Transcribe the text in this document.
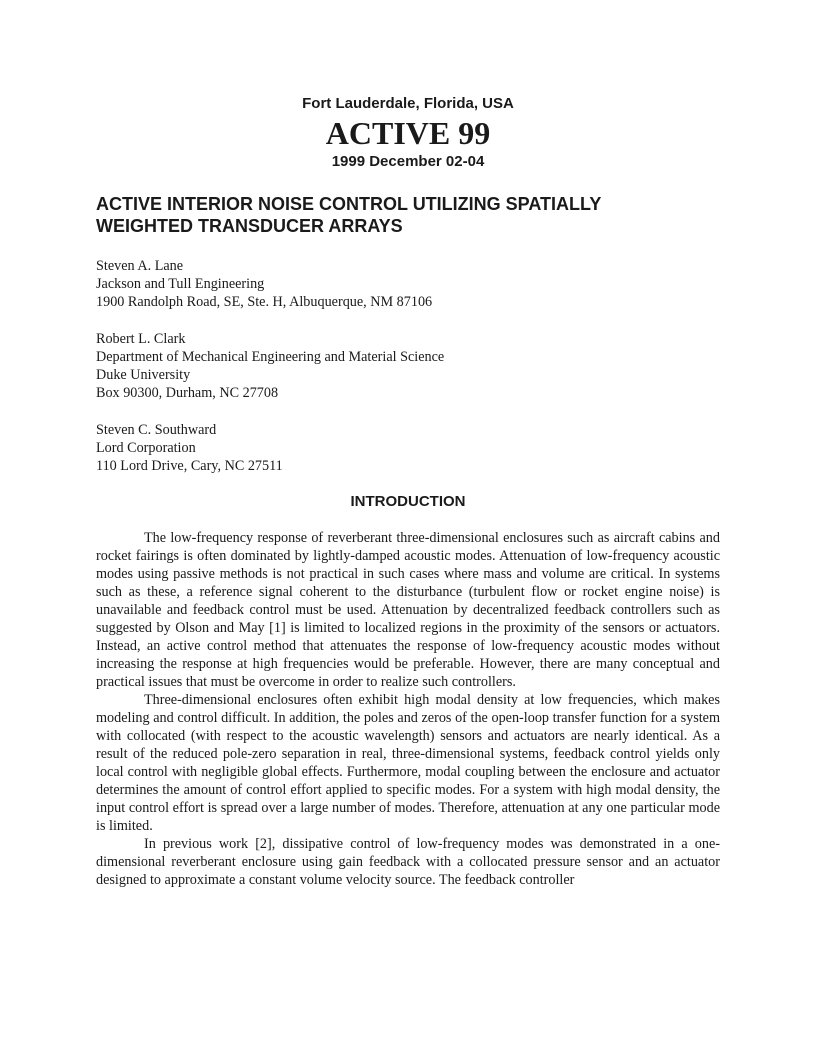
Fort Lauderdale, Florida, USA
ACTIVE 99
1999 December 02-04
ACTIVE INTERIOR NOISE CONTROL UTILIZING SPATIALLY
WEIGHTED TRANSDUCER ARRAYS
Steven A. Lane
Jackson and Tull Engineering
1900 Randolph Road, SE, Ste. H, Albuquerque, NM 87106
Robert L. Clark
Department of Mechanical Engineering and Material Science
Duke University
Box 90300, Durham, NC 27708
Steven C. Southward
Lord Corporation
110 Lord Drive, Cary, NC 27511
INTRODUCTION

The low-frequency response of reverberant three-dimensional enclosures such as aircraft cabins and rocket fairings is often dominated by lightly-damped acoustic modes. Attenuation of low-frequency acoustic modes using passive methods is not practical in such cases where mass and volume are critical. In systems such as these, a reference signal coherent to the disturbance (turbulent flow or rocket engine noise) is unavailable and feedback control must be used. Attenuation by decentralized feedback controllers such as suggested by Olson and May [1] is limited to localized regions in the proximity of the sensors or actuators. Instead, an active control method that attenuates the response of low-frequency acoustic modes without increasing the response at high frequencies would be preferable. However, there are many conceptual and practical issues that must be overcome in order to realize such controllers.

Three-dimensional enclosures often exhibit high modal density at low frequencies, which makes modeling and control difficult. In addition, the poles and zeros of the open-loop transfer function for a system with collocated (with respect to the acoustic wavelength) sensors and actuators are nearly identical. As a result of the reduced pole-zero separation in real, three-dimensional systems, feedback control yields only local control with negligible global effects. Furthermore, modal coupling between the enclosure and actuator determines the amount of control effort applied to specific modes. For a system with high modal density, the input control effort is spread over a large number of modes. Therefore, attenuation at any one particular mode is limited.

In previous work [2], dissipative control of low-frequency modes was demonstrated in a one-dimensional reverberant enclosure using gain feedback with a collocated pressure sensor and an actuator designed to approximate a constant volume velocity source. The feedback controller
